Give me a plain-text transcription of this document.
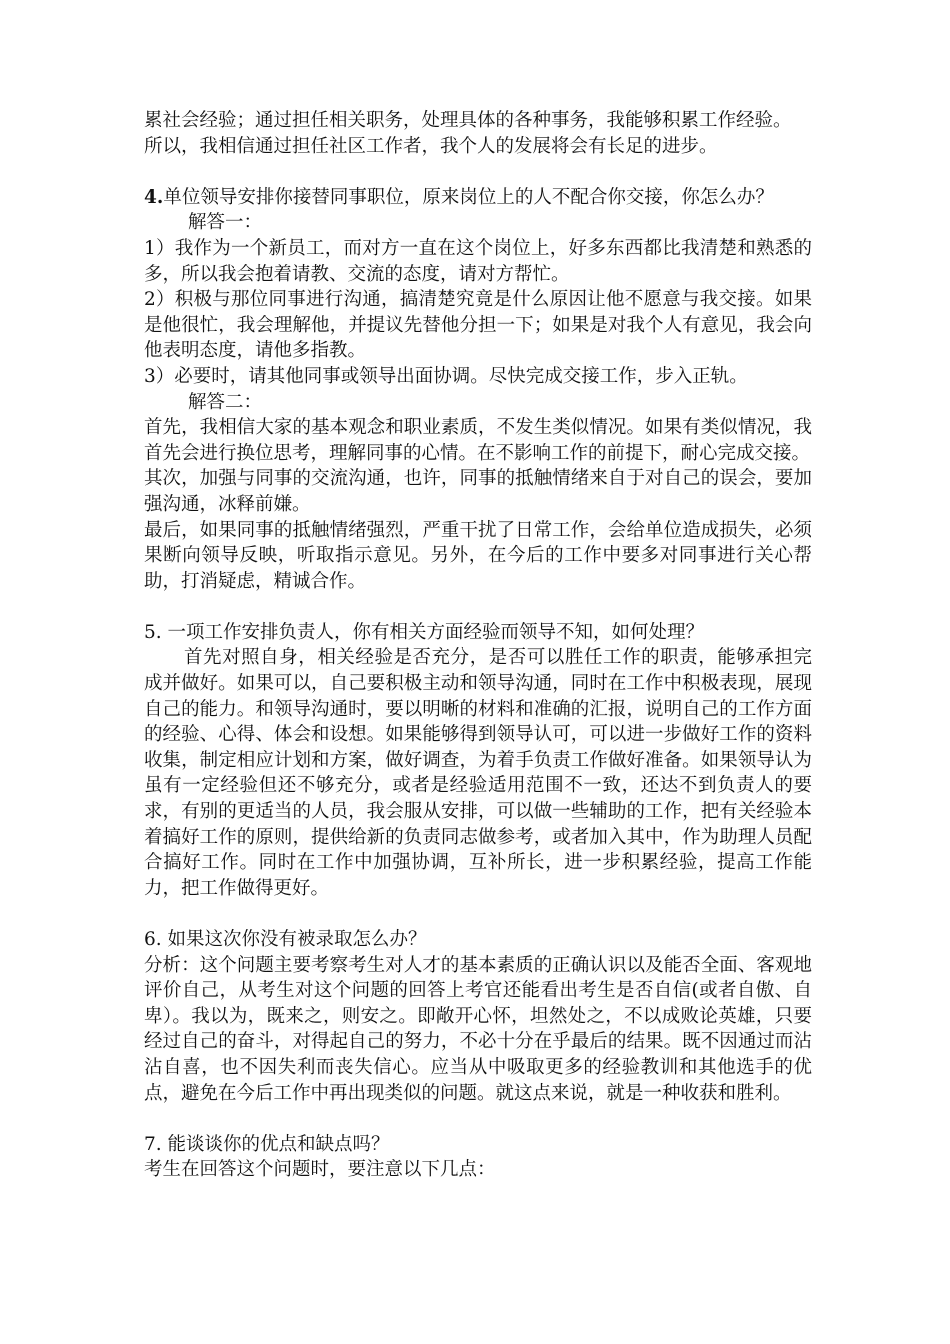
累社会经验；通过担任相关职务，处理具体的各种事务，我能够积累工作经验。

所以，我相信通过担任社区工作者，我个人的发展将会有长足的进步。

4.单位领导安排你接替同事职位，原来岗位上的人不配合你交接，你怎么办？

解答一：

1）我作为一个新员工，而对方一直在这个岗位上，好多东西都比我清楚和熟悉的多，所以我会抱着请教、交流的态度，请对方帮忙。

2）积极与那位同事进行沟通，搞清楚究竟是什么原因让他不愿意与我交接。如果是他很忙，我会理解他，并提议先替他分担一下；如果是对我个人有意见，我会向他表明态度，请他多指教。

3）必要时，请其他同事或领导出面协调。尽快完成交接工作，步入正轨。

解答二：

首先，我相信大家的基本观念和职业素质，不发生类似情况。如果有类似情况，我首先会进行换位思考，理解同事的心情。在不影响工作的前提下，耐心完成交接。

其次，加强与同事的交流沟通，也许，同事的抵触情绪来自于对自己的误会，要加强沟通，冰释前嫌。

最后，如果同事的抵触情绪强烈，严重干扰了日常工作，会给单位造成损失，必须果断向领导反映，听取指示意见。另外，在今后的工作中要多对同事进行关心帮助，打消疑虑，精诚合作。

5. 一项工作安排负责人，你有相关方面经验而领导不知，如何处理？

首先对照自身，相关经验是否充分，是否可以胜任工作的职责，能够承担完成并做好。如果可以，自己要积极主动和领导沟通，同时在工作中积极表现，展现自己的能力。和领导沟通时，要以明晰的材料和准确的汇报，说明自己的工作方面的经验、心得、体会和设想。如果能够得到领导认可，可以进一步做好工作的资料收集，制定相应计划和方案，做好调查，为着手负责工作做好准备。如果领导认为虽有一定经验但还不够充分，或者是经验适用范围不一致，还达不到负责人的要求，有别的更适当的人员，我会服从安排，可以做一些辅助的工作，把有关经验本着搞好工作的原则，提供给新的负责同志做参考，或者加入其中，作为助理人员配合搞好工作。同时在工作中加强协调，互补所长，进一步积累经验，提高工作能力，把工作做得更好。

6. 如果这次你没有被录取怎么办？

分析：这个问题主要考察考生对人才的基本素质的正确认识以及能否全面、客观地评价自己，从考生对这个问题的回答上考官还能看出考生是否自信(或者自傲、自卑）。我以为，既来之，则安之。即敞开心怀，坦然处之，不以成败论英雄，只要经过自己的奋斗，对得起自己的努力，不必十分在乎最后的结果。既不因通过而沾沾自喜，也不因失利而丧失信心。应当从中吸取更多的经验教训和其他选手的优点，避免在今后工作中再出现类似的问题。就这点来说，就是一种收获和胜利。

7. 能谈谈你的优点和缺点吗？

考生在回答这个问题时，要注意以下几点：
